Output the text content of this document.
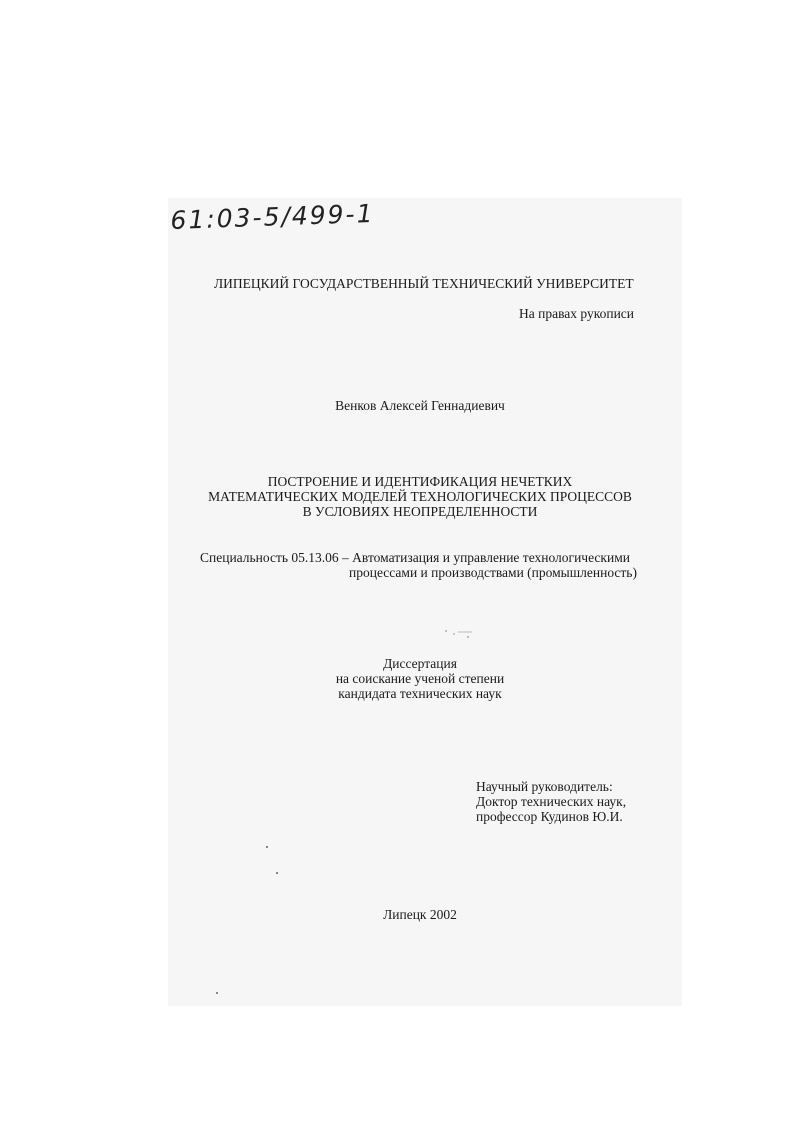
61:03-5/499-1
ЛИПЕЦКИЙ ГОСУДАРСТВЕННЫЙ ТЕХНИЧЕСКИЙ УНИВЕРСИТЕТ
На правах рукописи
Венков Алексей Геннадиевич
ПОСТРОЕНИЕ И ИДЕНТИФИКАЦИЯ НЕЧЕТКИХ
МАТЕМАТИЧЕСКИХ МОДЕЛЕЙ ТЕХНОЛОГИЧЕСКИХ ПРОЦЕССОВ
В УСЛОВИЯХ НЕОПРЕДЕЛЕННОСТИ
Специальность 05.13.06 – Автоматизация и управление технологическими
процессами и производствами (промышленность)
Диссертация
на соискание ученой степени
кандидата технических наук
Научный руководитель:
Доктор технических наук,
профессор Кудинов Ю.И.
Липецк 2002
